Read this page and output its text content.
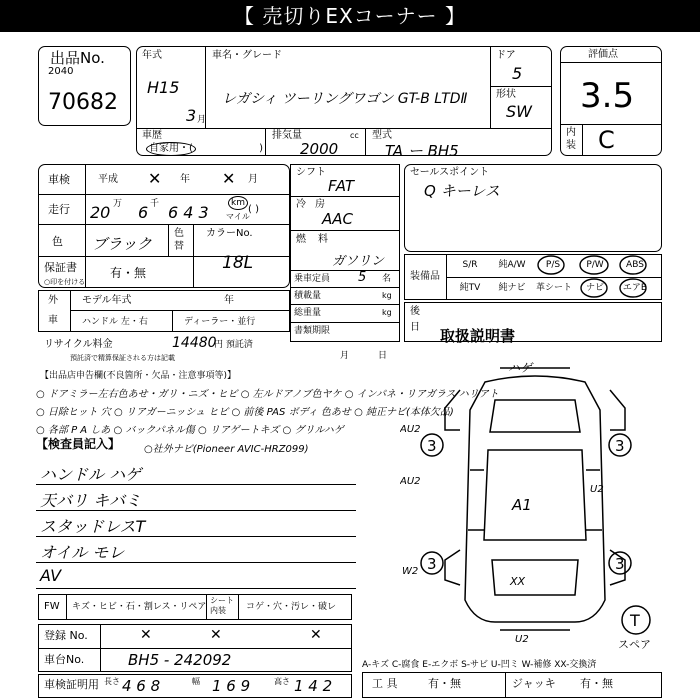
【 売切りEXコーナー 】
出品No.
2040
70682
年式
H15
3 月
車名・グレード
レガシィ ツーリングワゴン GT-B LTDⅡ
ドア
5
形状
SW
車歴
自家用・(	)
排気量	cc
2000
型式
TA ー BH5
評価点
3.5
内
装 C
車検	平成 ✕ 年 ✕ 月
走行 20 万 6 千 6 4 3	km
マイル
( )
色 ブラック
色
替
カラーNo.
18L
保証書
○印を付ける
有・無
シフト
FAT
冷 房
AAC
燃 料
ガソリン
乗車定員 5 名
積載量	kg
総重量	kg
書類期限
月	日
セールスポイント
Q キーレス
装備品
S/R	純A/W	P/S	P/W	ABS
純TV	純ナビ	革シート	ナビ	エアB
後
日 取扱説明書
外
車
モデル年式	年
ハンドル 左・右	ディーラー・並行
リサイクル料金	14480
円 預託済
預託済で精算保証される方は記載
【出品店申告欄(不良箇所・欠品・注意事項等)】
○ ドアミラー左右色あせ・ガリ・ニズ・ヒビ ○ 左ルドアノブ色ヤケ ○ インパネ・リアガラス ハリアト
○ 日除ヒット 穴 ○ リアガーニッシュ ヒビ ○ 前後 PAS ボディ 色あせ ○ 純正ナビ(本体欠品)
○ 各部 P A しあ ○ バックパネル傷 ○ リアゲートキズ ○ グリルハゲ
【検査員記入】 ○社外ナビ(Pioneer AVIC-HRZ099)
ハンドル ハゲ
天バリ キバミ
スタッドレスT
オイル モレ
AV
3	3
3	3
T
スペア
ハゲ
AU2
AU2
W2
U2
A1
XX
U2
FW キズ・ヒビ・石・割レス・リペア
シート 内装	コゲ・穴・汚レ・破レ
登録 No.	✕	✕	✕
車台No.	BH5 - 242092
車検証明用 長さ 4 6 8	幅 1 6 9	高さ 1 4 2
A-キズ C-腐食 E-エクボ S-サビ U-凹ミ W-補修 XX-交換済
工 具	有・無	ジャッキ 有・無
